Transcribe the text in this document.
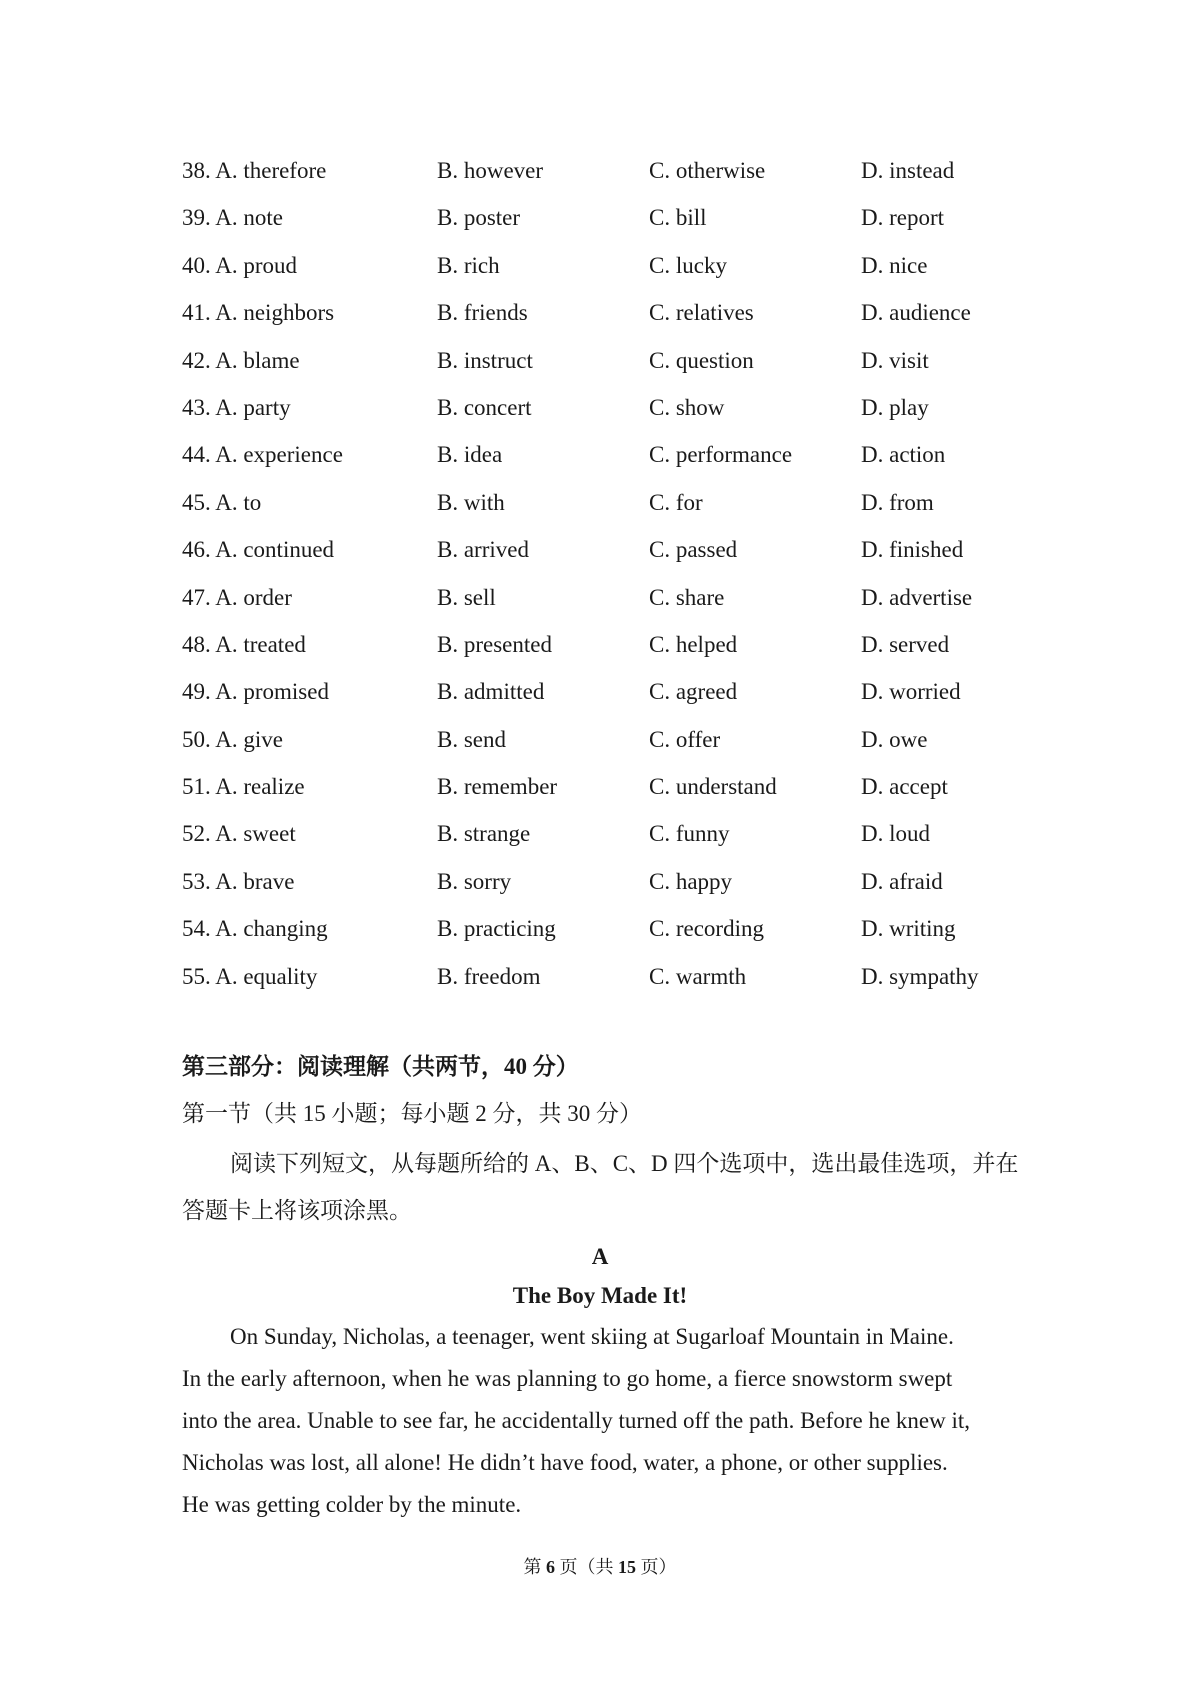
38. A. therefore	B. however	C. otherwise	D. instead
39. A. note	B. poster	C. bill	D. report
40. A. proud	B. rich	C. lucky	D. nice
41. A. neighbors	B. friends	C. relatives	D. audience
42. A. blame	B. instruct	C. question	D. visit
43. A. party	B. concert	C. show	D. play
44. A. experience	B. idea	C. performance	D. action
45. A. to	B. with	C. for	D. from
46. A. continued	B. arrived	C. passed	D. finished
47. A. order	B. sell	C. share	D. advertise
48. A. treated	B. presented	C. helped	D. served
49. A. promised	B. admitted	C. agreed	D. worried
50. A. give	B. send	C. offer	D. owe
51. A. realize	B. remember	C. understand	D. accept
52. A. sweet	B. strange	C. funny	D. loud
53. A. brave	B. sorry	C. happy	D. afraid
54. A. changing	B. practicing	C. recording	D. writing
55. A. equality	B. freedom	C. warmth	D. sympathy
第三部分：阅读理解（共两节，40 分）
第一节（共 15 小题；每小题 2 分，共 30 分）
阅读下列短文，从每题所给的 A、B、C、D 四个选项中，选出最佳选项，并在答题卡上将该项涂黑。
A
The Boy Made It!
On Sunday, Nicholas, a teenager, went skiing at Sugarloaf Mountain in Maine.
In the early afternoon, when he was planning to go home, a fierce snowstorm swept
into the area. Unable to see far, he accidentally turned off the path. Before he knew it,
Nicholas was lost, all alone! He didn’t have food, water, a phone, or other supplies.
He was getting colder by the minute.
第 6 页（共 15 页）
